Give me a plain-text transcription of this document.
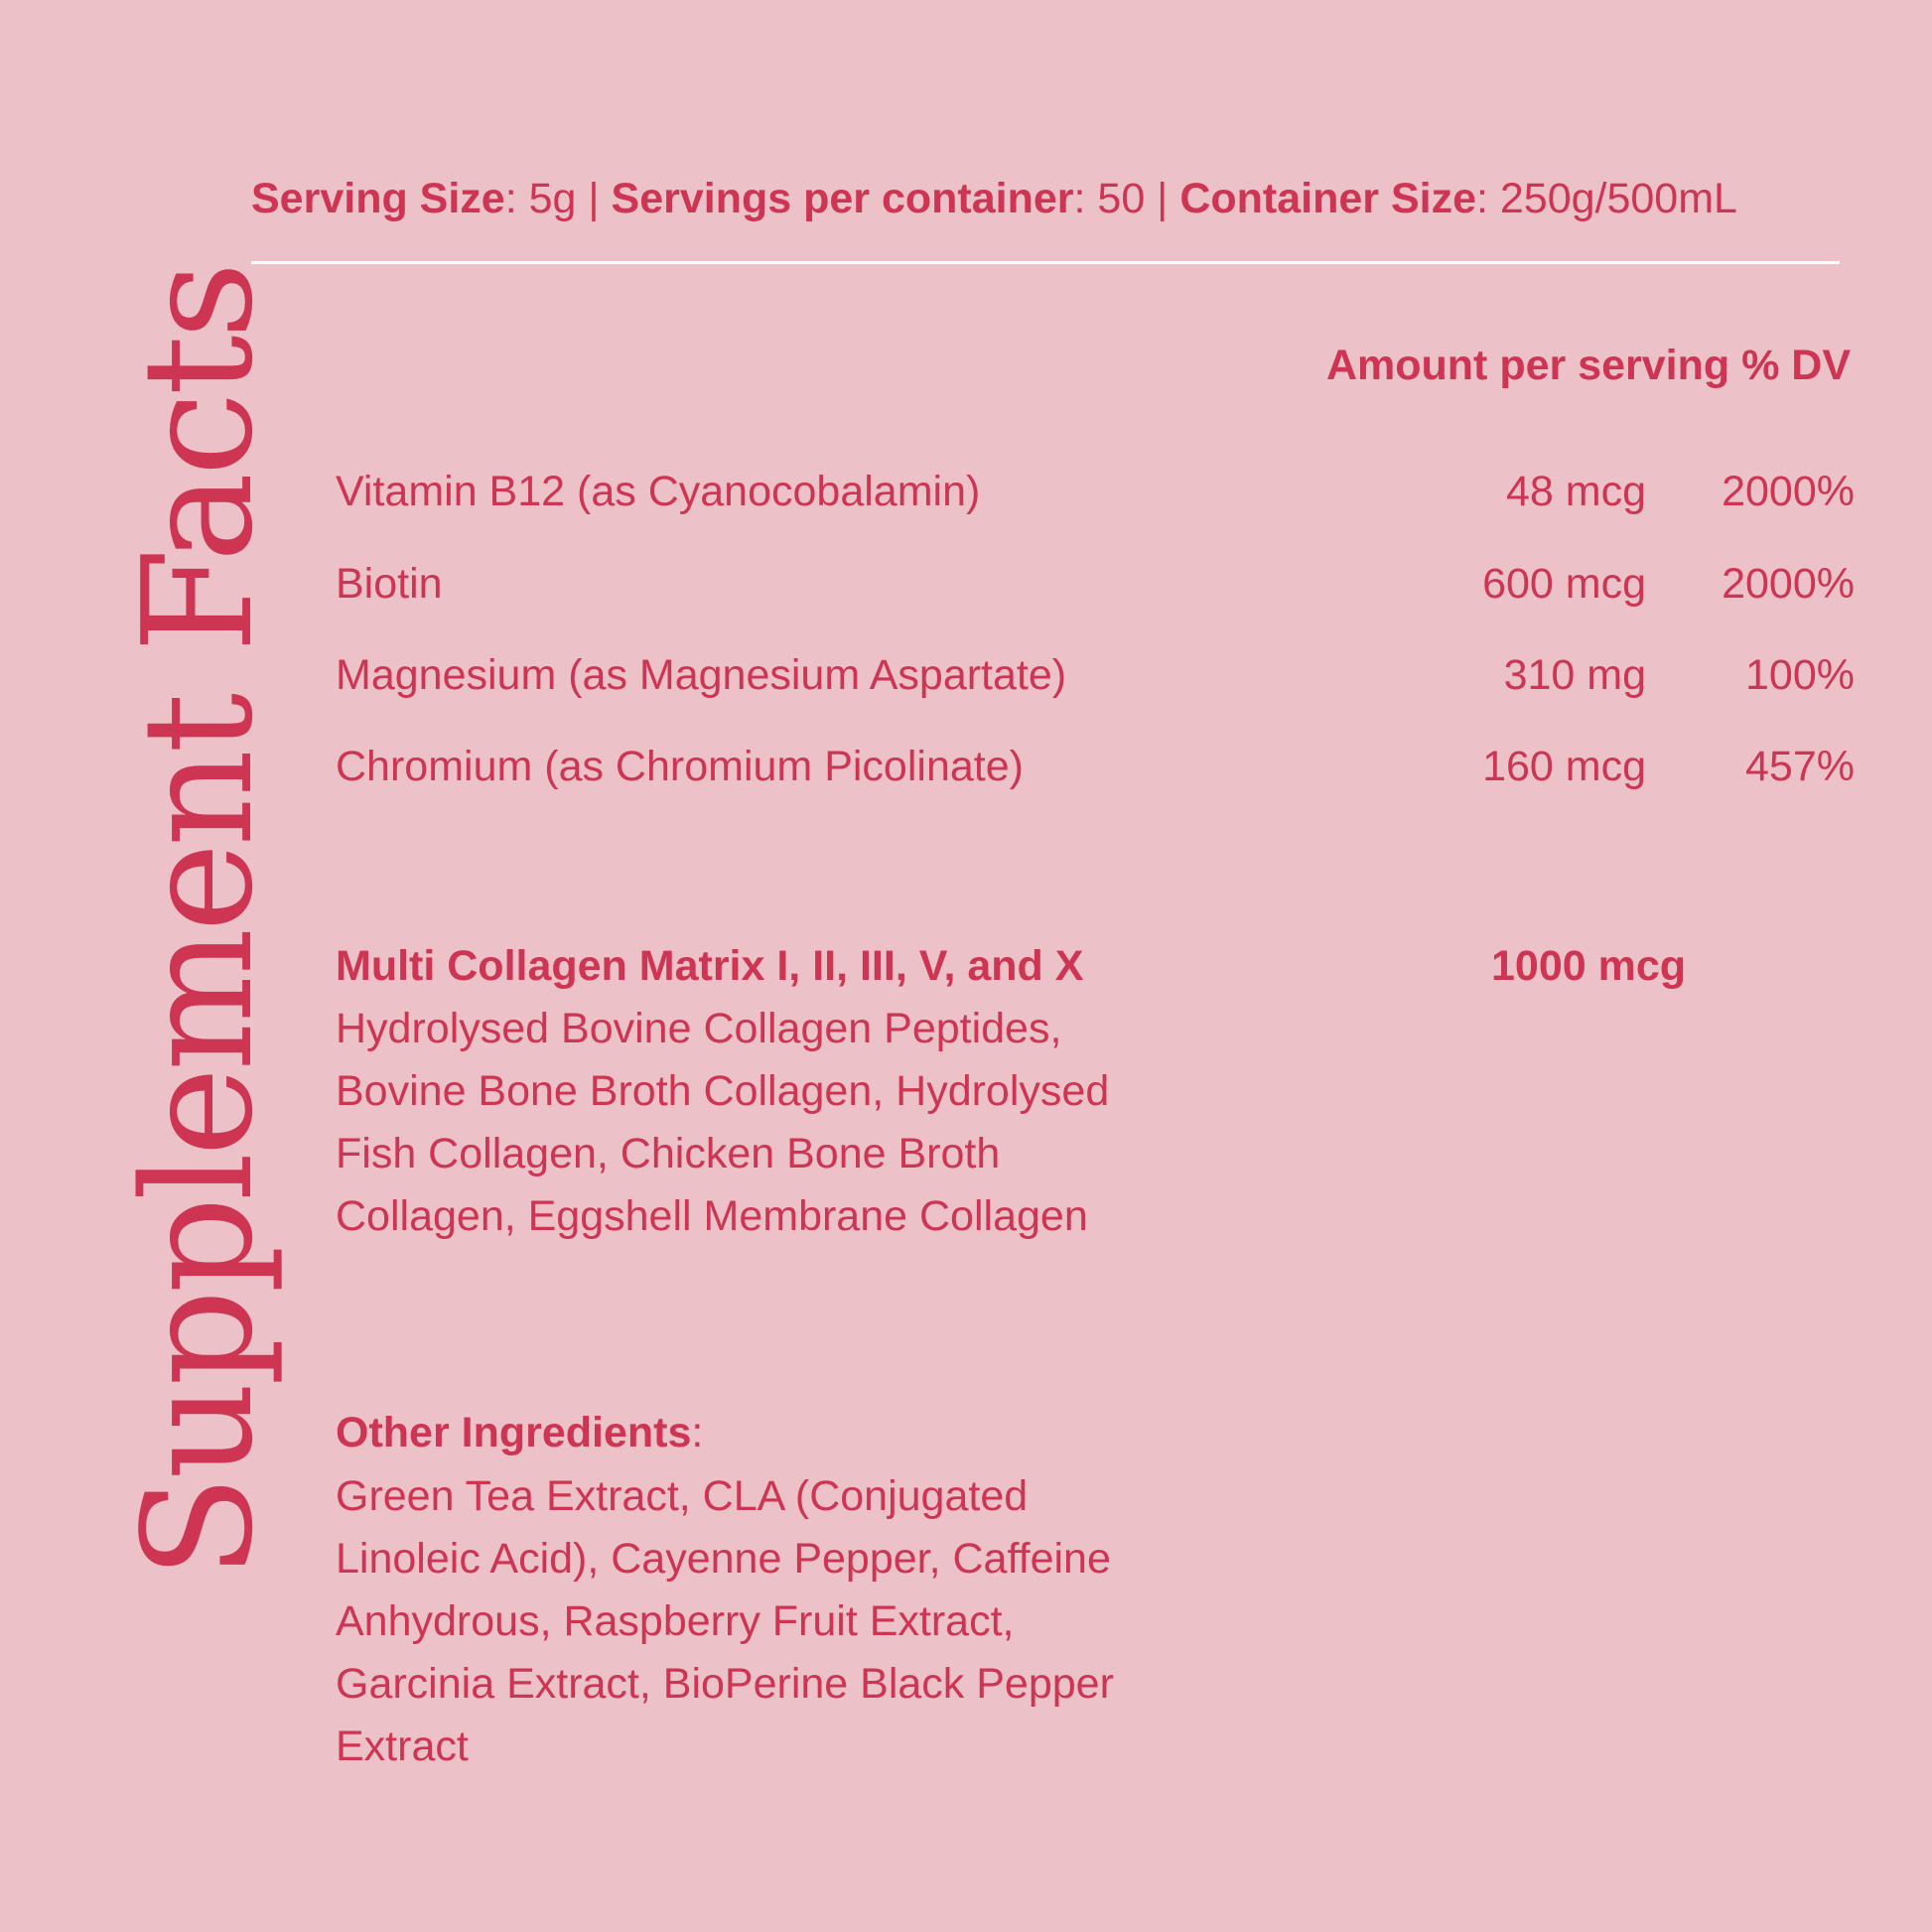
Serving Size: 5g | Servings per container: 50 | Container Size: 250g/500mL
Supplement Facts	Amount per serving % DV
Vitamin B12 (as Cyanocobalamin)	48 mcg	2000%
Biotin	600 mcg	2000%
Magnesium (as Magnesium Aspartate)	310 mg	100%
Chromium (as Chromium Picolinate)	160 mcg	457%
Multi Collagen Matrix I, II, III, V, and X	1000 mcg
Hydrolysed Bovine Collagen Peptides, Bovine Bone Broth Collagen, Hydrolysed Fish Collagen, Chicken Bone Broth Collagen, Eggshell Membrane Collagen
Other Ingredients:
Green Tea Extract, CLA (Conjugated Linoleic Acid), Cayenne Pepper, Caffeine Anhydrous, Raspberry Fruit Extract, Garcinia Extract, BioPerine Black Pepper Extract
